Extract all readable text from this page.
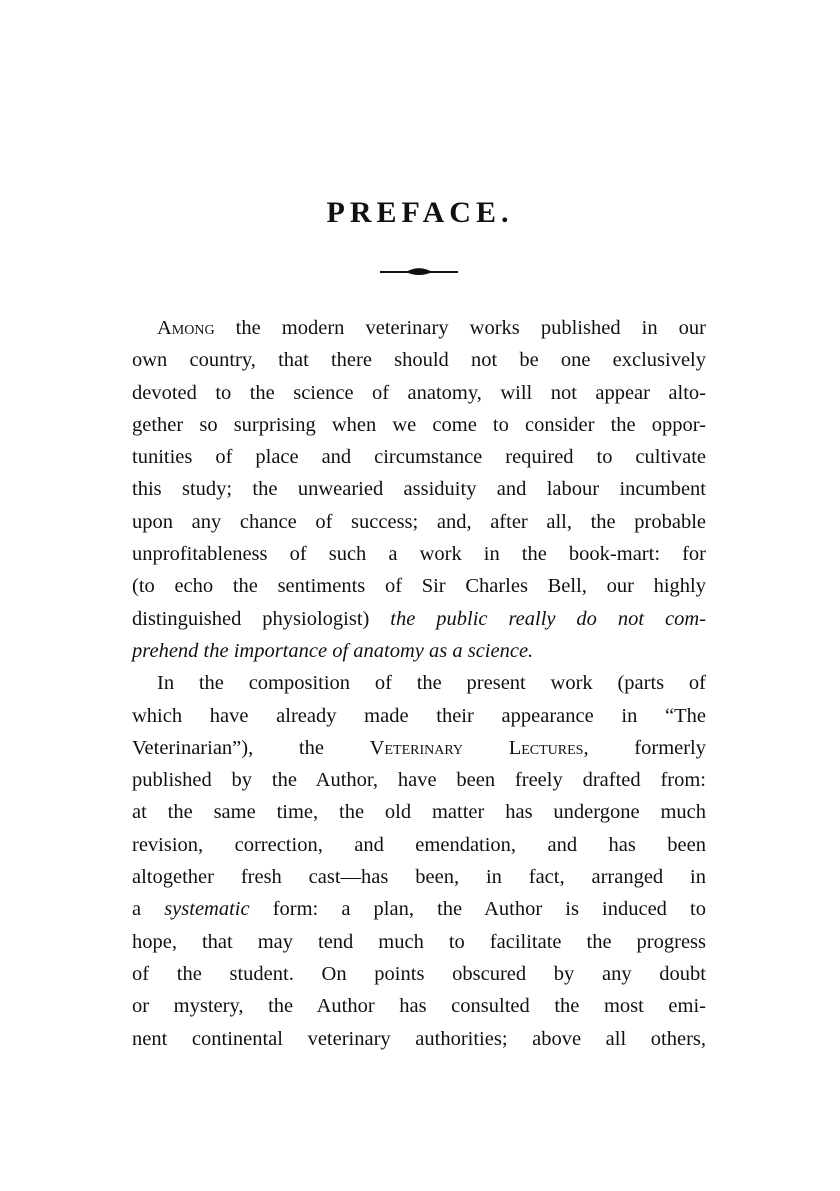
PREFACE.
Among the modern veterinary works published in our
own country, that there should not be one exclusively
devoted to the science of anatomy, will not appear alto-
gether so surprising when we come to consider the oppor-
tunities of place and circumstance required to cultivate
this study; the unwearied assiduity and labour incumbent
upon any chance of success; and, after all, the probable
unprofitableness of such a work in the book-mart: for
(to echo the sentiments of Sir Charles Bell, our highly
distinguished physiologist) the public really do not com-
prehend the importance of anatomy as a science.
In the composition of the present work (parts of
which have already made their appearance in “The
Veterinarian”), the Veterinary Lectures, formerly
published by the Author, have been freely drafted from:
at the same time, the old matter has undergone much
revision, correction, and emendation, and has been
altogether fresh cast—has been, in fact, arranged in
a systematic form: a plan, the Author is induced to
hope, that may tend much to facilitate the progress
of the student. On points obscured by any doubt
or mystery, the Author has consulted the most emi-
nent continental veterinary authorities; above all others,
